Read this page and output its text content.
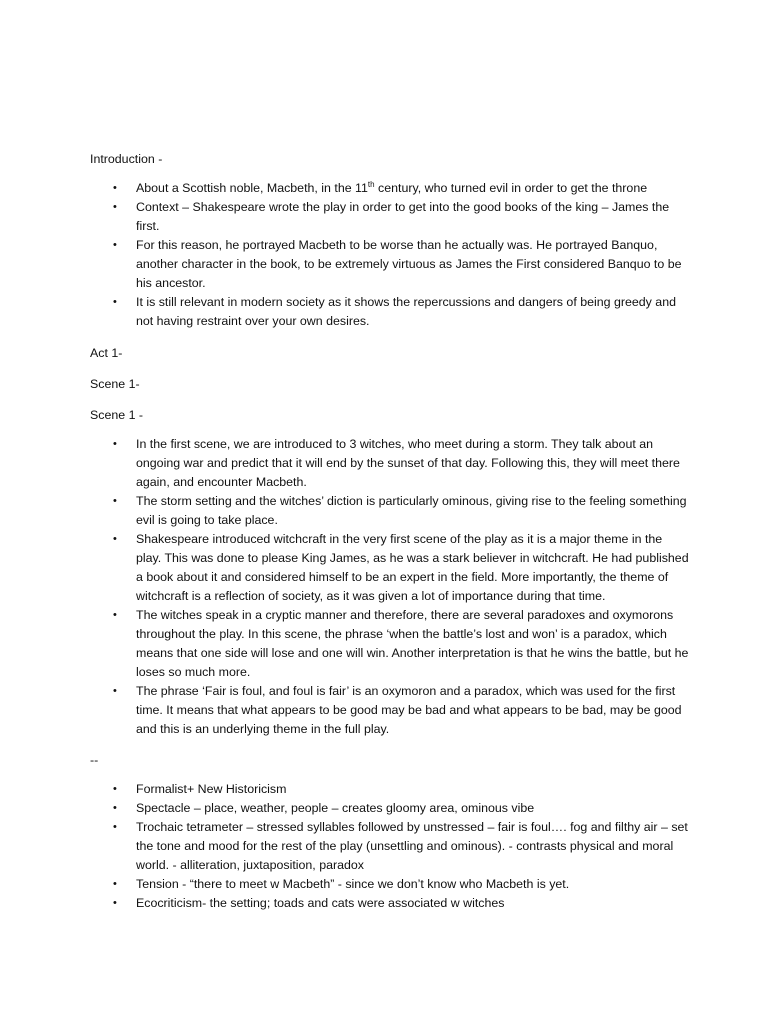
Introduction -

• About a Scottish noble, Macbeth, in the 11th century, who turned evil in order to get the throne
• Context – Shakespeare wrote the play in order to get into the good books of the king – James the first.
• For this reason, he portrayed Macbeth to be worse than he actually was. He portrayed Banquo, another character in the book, to be extremely virtuous as James the First considered Banquo to be his ancestor.
• It is still relevant in modern society as it shows the repercussions and dangers of being greedy and not having restraint over your own desires.

Act 1-

Scene 1-

Scene 1 -

• In the first scene, we are introduced to 3 witches, who meet during a storm. They talk about an ongoing war and predict that it will end by the sunset of that day. Following this, they will meet there again, and encounter Macbeth.
• The storm setting and the witches’ diction is particularly ominous, giving rise to the feeling something evil is going to take place.
• Shakespeare introduced witchcraft in the very first scene of the play as it is a major theme in the play. This was done to please King James, as he was a stark believer in witchcraft. He had published a book about it and considered himself to be an expert in the field. More importantly, the theme of witchcraft is a reflection of society, as it was given a lot of importance during that time.
• The witches speak in a cryptic manner and therefore, there are several paradoxes and oxymorons throughout the play. In this scene, the phrase ‘when the battle’s lost and won’ is a paradox, which means that one side will lose and one will win. Another interpretation is that he wins the battle, but he loses so much more.
• The phrase ‘Fair is foul, and foul is fair’ is an oxymoron and a paradox, which was used for the first time. It means that what appears to be good may be bad and what appears to be bad, may be good and this is an underlying theme in the full play.

--

• Formalist+ New Historicism
• Spectacle – place, weather, people – creates gloomy area, ominous vibe
• Trochaic tetrameter – stressed syllables followed by unstressed – fair is foul…. fog and filthy air – set the tone and mood for the rest of the play (unsettling and ominous). - contrasts physical and moral world. - alliteration, juxtaposition, paradox
• Tension - “there to meet w Macbeth” - since we don’t know who Macbeth is yet.
• Ecocriticism- the setting; toads and cats were associated w witches
